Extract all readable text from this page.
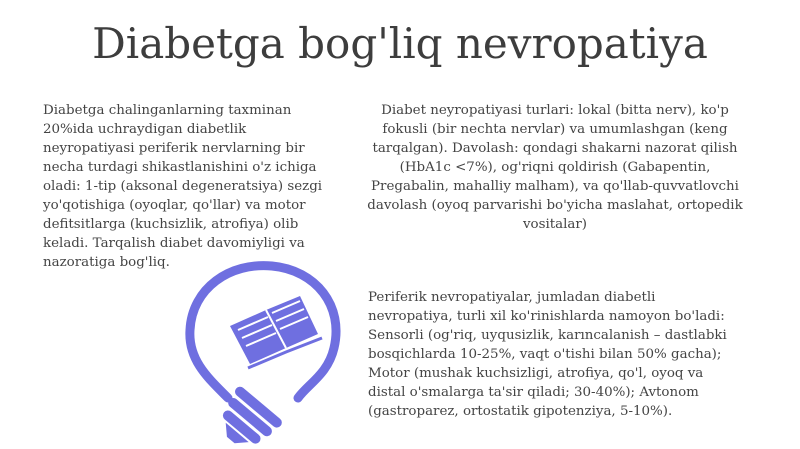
Diabetga bog'liq nevropatiya

Diabetga chalinganlarning taxminan 20%ida uchraydigan diabetlik neyropatiyasi periferik nervlarning bir necha turdagi shikastlanishini o'z ichiga oladi: 1-tip (aksonal degeneratsiya) sezgi yo'qotishiga (oyoqlar, qo'llar) va motor defitsitlarga (kuchsizlik, atrofiya) olib keladi. Tarqalish diabet davomiyligi va nazoratiga bog'liq.

Diabet neyropatiyasi turlari: lokal (bitta nerv), ko'p fokusli (bir nechta nervlar) va umumlashgan (keng tarqalgan). Davolash: qondagi shakarni nazorat qilish (HbA1c <7%), og'riqni qoldirish (Gabapentin, Pregabalin, mahalliy malham), va qo'llab-quvvatlovchi davolash (oyoq parvarishi bo'yicha maslahat, ortopedik vositalar)

Periferik nevropatiyalar, jumladan diabetli nevropatiya, turli xil ko'rinishlarda namoyon bo'ladi: Sensorli (og'riq, uyqusizlik, karıncalanish – dastlabki bosqichlarda 10-25%, vaqt o'tishi bilan 50% gacha); Motor (mushak kuchsizligi, atrofiya, qo'l, oyoq va distal o'smalarga ta'sir qiladi; 30-40%); Avtonom (gastroparez, ortostatik gipotenziya, 5-10%).
